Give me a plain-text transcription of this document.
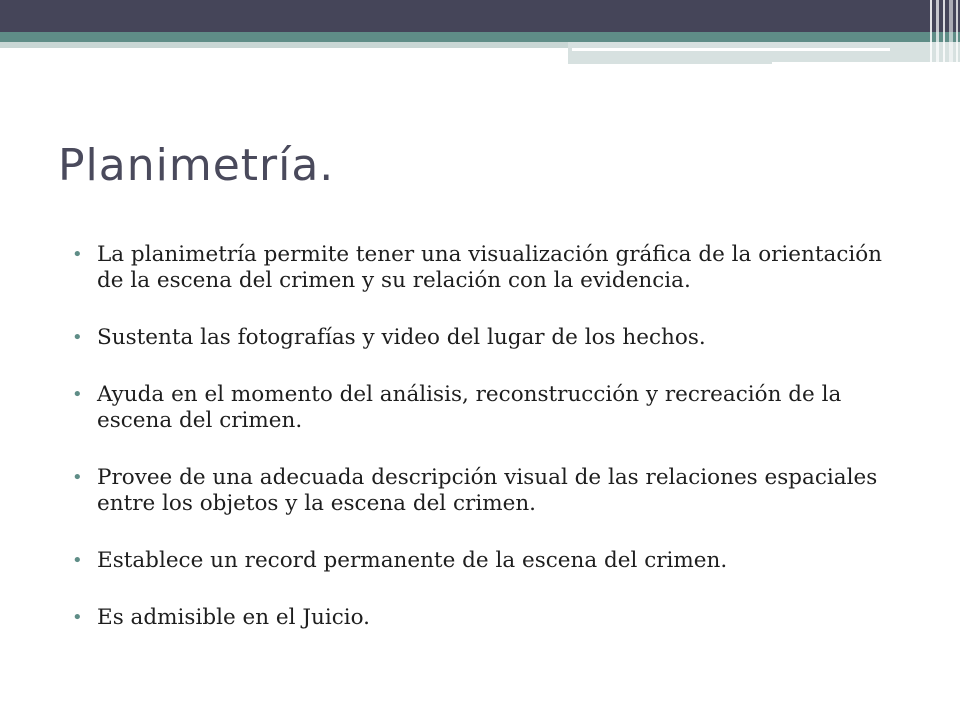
Planimetría.
• La planimetría permite tener una visualización gráfica de la orientación de la escena del crimen y su relación con la evidencia.
• Sustenta las fotografías y video del lugar de los hechos.
• Ayuda en el momento del análisis, reconstrucción y recreación de la escena del crimen.
• Provee de una adecuada descripción visual de las relaciones espaciales entre los objetos y la escena del crimen.
• Establece un record permanente de la escena del crimen.
• Es admisible en el Juicio.
